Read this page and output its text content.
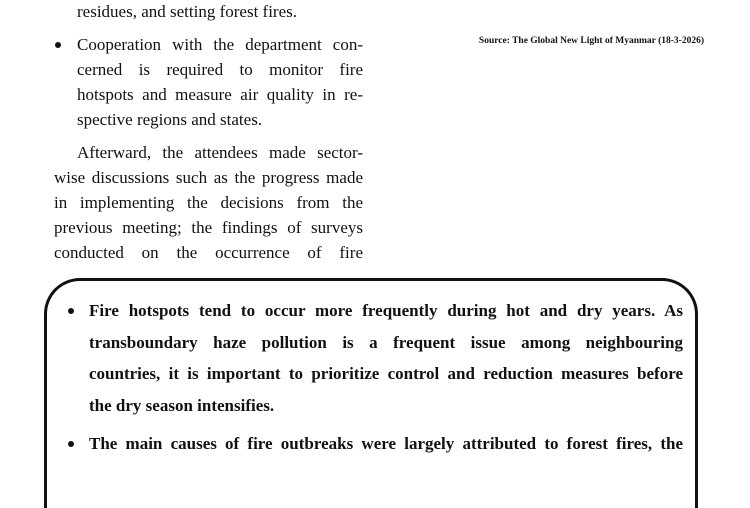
residues, and setting forest fires.
Cooperation with the department con-
cerned is required to monitor fire
hotspots and measure air quality in re-
spective regions and states.
Afterward, the attendees made sector-
wise discussions such as the progress made
in implementing the decisions from the
previous meeting; the findings of surveys
conducted on the occurrence of fire
Source: The Global New Light of Myanmar (18-3-2026)
Fire hotspots tend to occur more frequently during hot and dry years. As
transboundary haze pollution is a frequent issue among neighbouring
countries, it is important to prioritize control and reduction measures before
the dry season intensifies.
The main causes of fire outbreaks were largely attributed to forest fires, the
